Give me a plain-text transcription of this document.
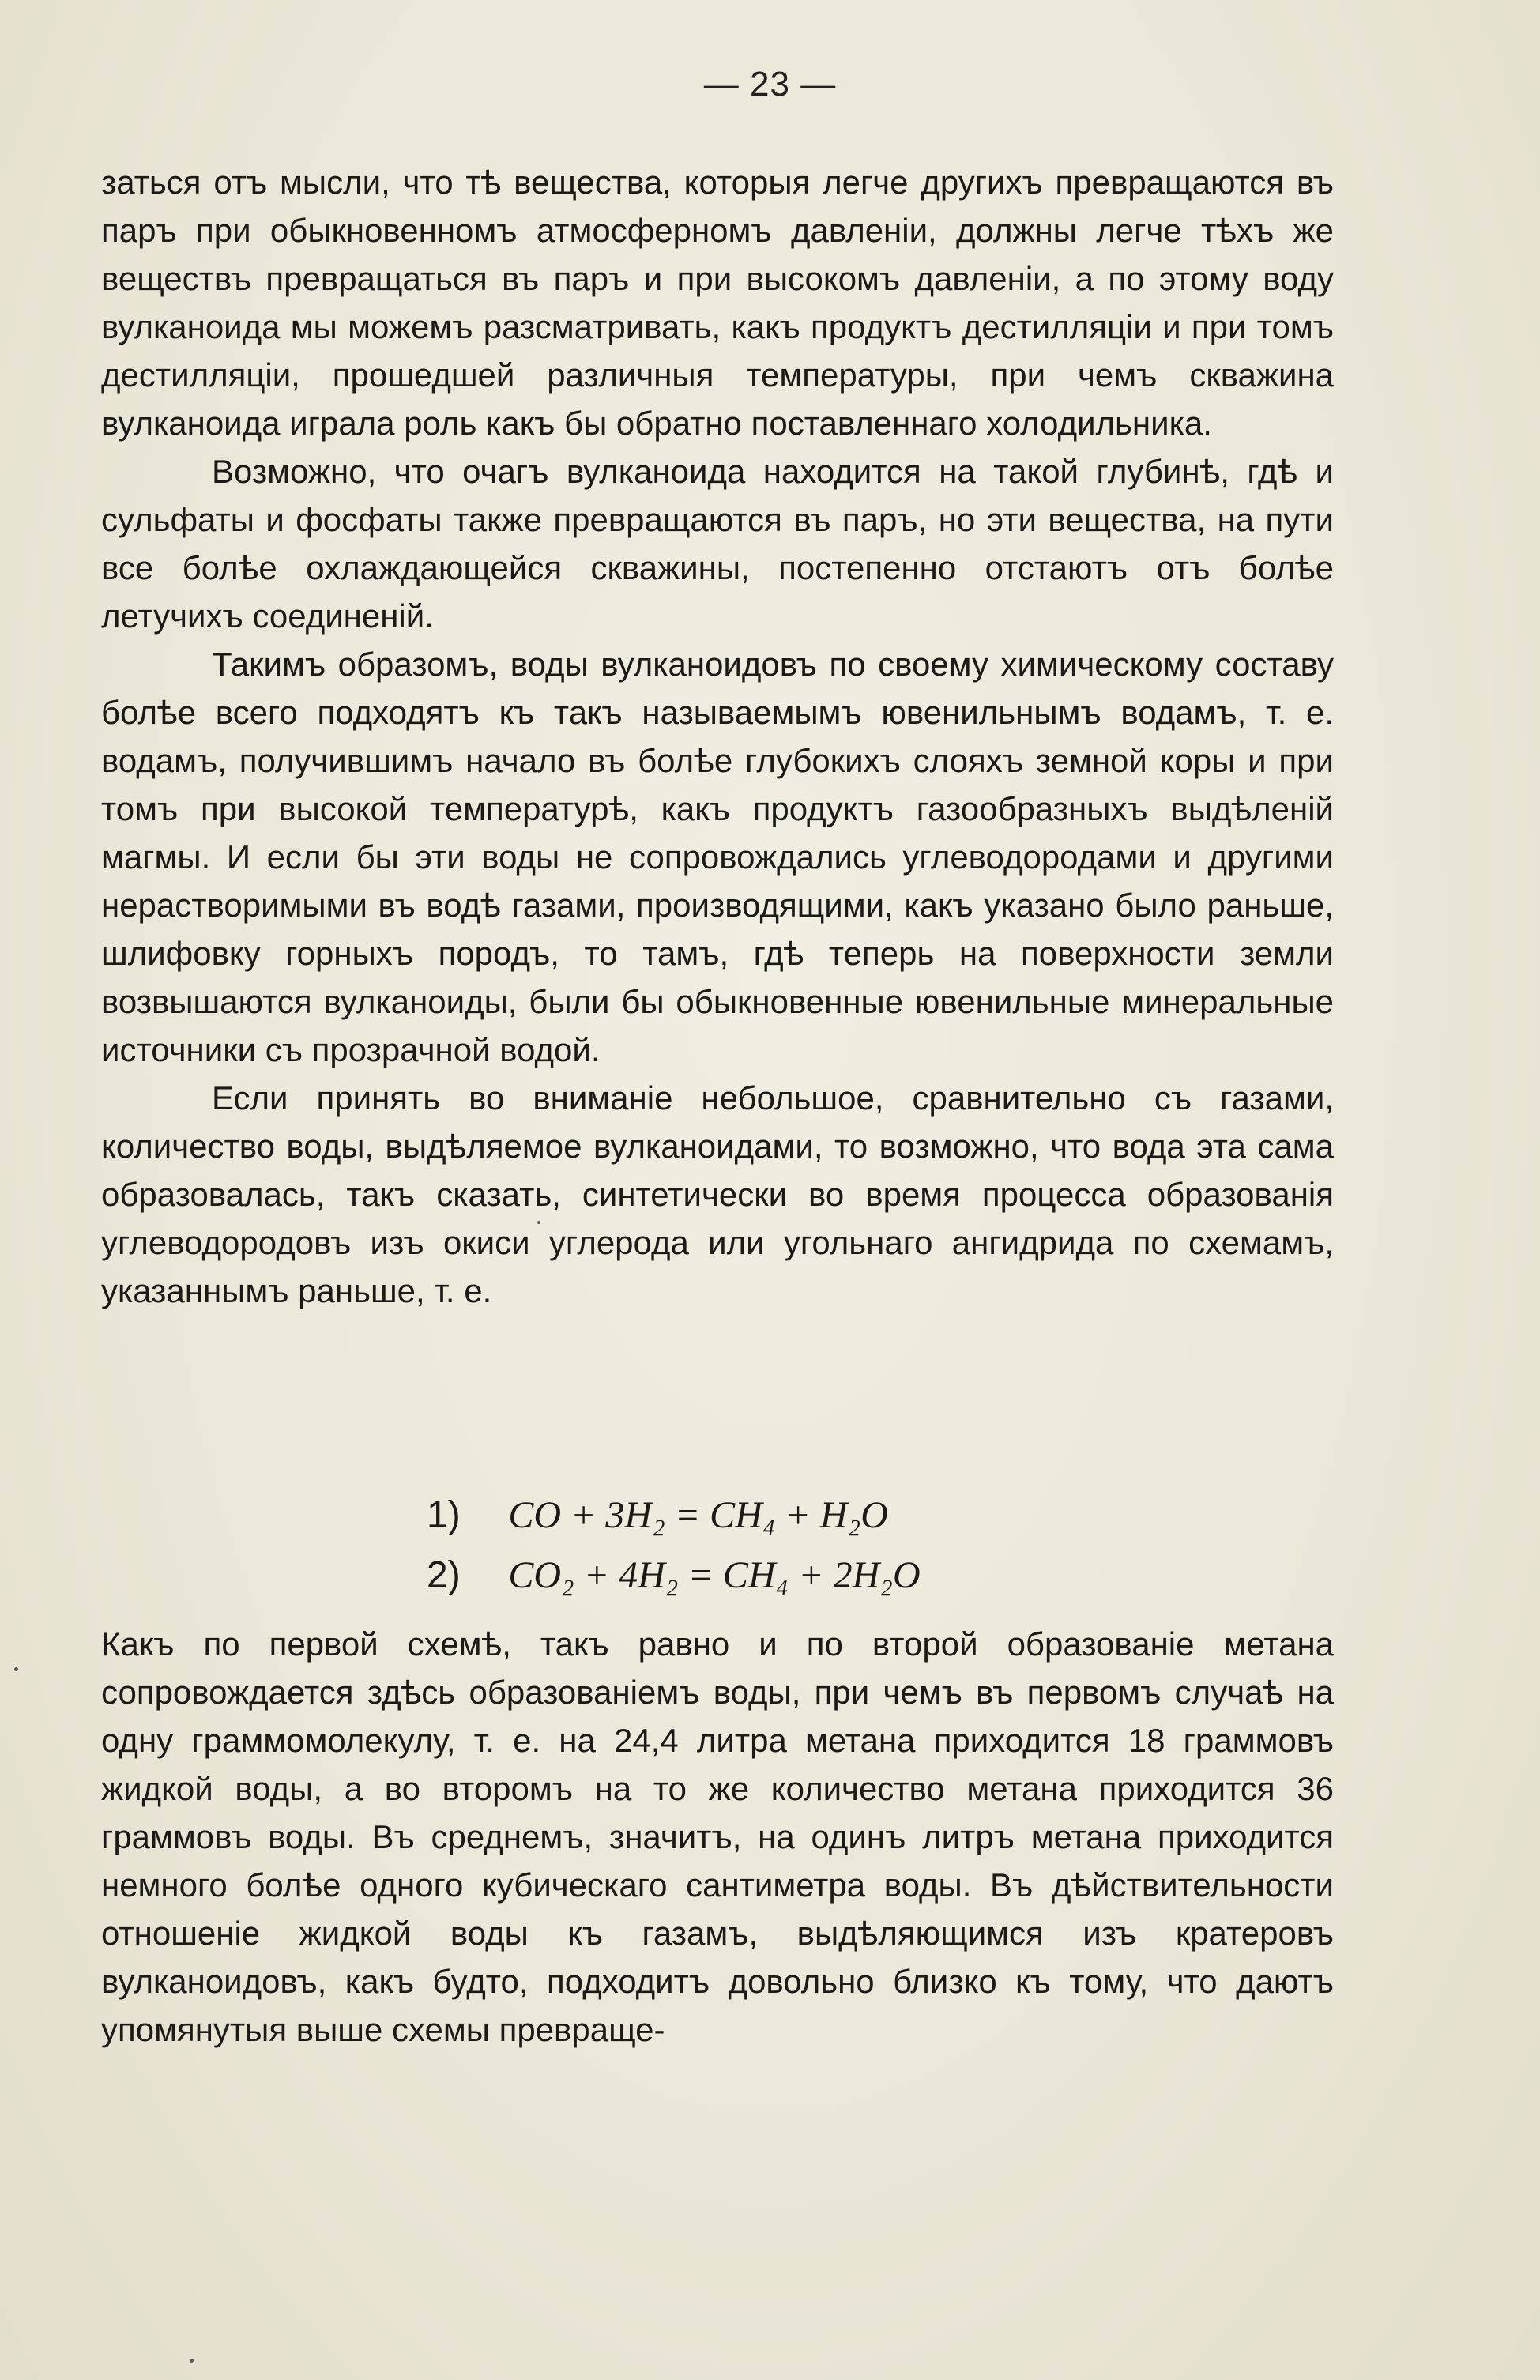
— 23 —

заться отъ мысли, что тѣ вещества, которыя легче другихъ превращаются въ паръ при обыкновенномъ атмосферномъ давленіи, должны легче тѣхъ же веществъ превращаться въ паръ и при высокомъ давленіи, а по этому воду вулканоида мы можемъ разсматривать, какъ продуктъ дестилляціи и при томъ дестилляціи, прошедшей различныя температуры, при чемъ скважина вулканоида играла роль какъ бы обратно поставленнаго холодильника.

Возможно, что очагъ вулканоида находится на такой глубинѣ, гдѣ и сульфаты и фосфаты также превращаются въ паръ, но эти вещества, на пути все болѣе охлаждающейся скважины, постепенно отстаютъ отъ болѣе летучихъ соединеній.

Такимъ образомъ, воды вулканоидовъ по своему химическому составу болѣе всего подходятъ къ такъ называемымъ ювенильнымъ водамъ, т. е. водамъ, получившимъ начало въ болѣе глубокихъ слояхъ земной коры и при томъ при высокой температурѣ, какъ продуктъ газообразныхъ выдѣленій магмы. И если бы эти воды не сопровождались углеводородами и другими нерастворимыми въ водѣ газами, производящими, какъ указано было раньше, шлифовку горныхъ породъ, то тамъ, гдѣ теперь на поверхности земли возвышаются вулканоиды, были бы обыкновенные ювенильные минеральные источники съ прозрачной водой.

Если принять во вниманіе небольшое, сравнительно съ газами, количество воды, выдѣляемое вулканоидами, то возможно, что вода эта сама образовалась, такъ сказать, синтетически во время процесса образованія углеводородовъ изъ окиси углерода или угольнаго ангидрида по схемамъ, указаннымъ раньше, т. е.

1) CO + 3H₂ = CH₄ + H₂O
2) CO₂ + 4H₂ = CH₄ + 2H₂O

Какъ по первой схемѣ, такъ равно и по второй образованіе метана сопровождается здѣсь образованіемъ воды, при чемъ въ первомъ случаѣ на одну граммомолекулу, т. е. на 24,4 литра метана приходится 18 граммовъ жидкой воды, а во второмъ на то же количество метана приходится 36 граммовъ воды. Въ среднемъ, значитъ, на одинъ литръ метана приходится немного болѣе одного кубическаго сантиметра воды. Въ дѣйствительности отношеніе жидкой воды къ газамъ, выдѣляющимся изъ кратеровъ вулканоидовъ, какъ будто, подходитъ довольно близко къ тому, что даютъ упомянутыя выше схемы превраще-
